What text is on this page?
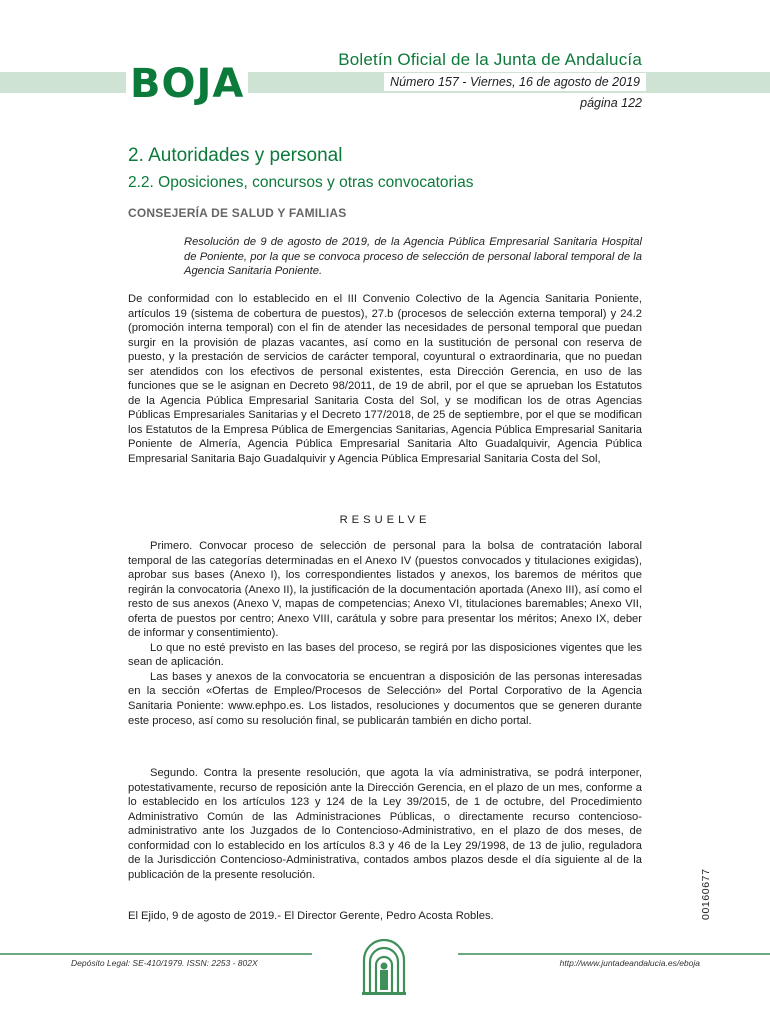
Boletín Oficial de la Junta de Andalucía
BOJA	Número 157 - Viernes, 16 de agosto de 2019
página 122
2. Autoridades y personal
2.2. Oposiciones, concursos y otras convocatorias
CONSEJERÍA DE SALUD Y FAMILIAS
Resolución de 9 de agosto de 2019, de la Agencia Pública Empresarial Sanitaria Hospital de Poniente, por la que se convoca proceso de selección de personal laboral temporal de la Agencia Sanitaria Poniente.

De conformidad con lo establecido en el III Convenio Colectivo de la Agencia Sanitaria Poniente, artículos 19 (sistema de cobertura de puestos), 27.b (procesos de selección externa temporal) y 24.2 (promoción interna temporal) con el fin de atender las necesidades de personal temporal que puedan surgir en la provisión de plazas vacantes, así como en la sustitución de personal con reserva de puesto, y la prestación de servicios de carácter temporal, coyuntural o extraordinaria, que no puedan ser atendidos con los efectivos de personal existentes, esta Dirección Gerencia, en uso de las funciones que se le asignan en Decreto 98/2011, de 19 de abril, por el que se aprueban los Estatutos de la Agencia Pública Empresarial Sanitaria Costa del Sol, y se modifican los de otras Agencias Públicas Empresariales Sanitarias y el Decreto 177/2018, de 25 de septiembre, por el que se modifican los Estatutos de la Empresa Pública de Emergencias Sanitarias, Agencia Pública Empresarial Sanitaria Poniente de Almería, Agencia Pública Empresarial Sanitaria Alto Guadalquivir, Agencia Pública Empresarial Sanitaria Bajo Guadalquivir y Agencia Pública Empresarial Sanitaria Costa del Sol,

RESUELVE

Primero. Convocar proceso de selección de personal para la bolsa de contratación laboral temporal de las categorías determinadas en el Anexo IV (puestos convocados y titulaciones exigidas), aprobar sus bases (Anexo I), los correspondientes listados y anexos, los baremos de méritos que regirán la convocatoria (Anexo II), la justificación de la documentación aportada (Anexo III), así como el resto de sus anexos (Anexo V, mapas de competencias; Anexo VI, titulaciones baremables; Anexo VII, oferta de puestos por centro; Anexo VIII, carátula y sobre para presentar los méritos; Anexo IX, deber de informar y consentimiento).

Lo que no esté previsto en las bases del proceso, se regirá por las disposiciones vigentes que les sean de aplicación.

Las bases y anexos de la convocatoria se encuentran a disposición de las personas interesadas en la sección «Ofertas de Empleo/Procesos de Selección» del Portal Corporativo de la Agencia Sanitaria Poniente: www.ephpo.es. Los listados, resoluciones y documentos que se generen durante este proceso, así como su resolución final, se publicarán también en dicho portal.

Segundo. Contra la presente resolución, que agota la vía administrativa, se podrá interponer, potestativamente, recurso de reposición ante la Dirección Gerencia, en el plazo de un mes, conforme a lo establecido en los artículos 123 y 124 de la Ley 39/2015, de 1 de octubre, del Procedimiento Administrativo Común de las Administraciones Públicas, o directamente recurso contencioso-administrativo ante los Juzgados de lo Contencioso-Administrativo, en el plazo de dos meses, de conformidad con lo establecido en los artículos 8.3 y 46 de la Ley 29/1998, de 13 de julio, reguladora de la Jurisdicción Contencioso-Administrativa, contados ambos plazos desde el día siguiente al de la publicación de la presente resolución.

El Ejido, 9 de agosto de 2019.- El Director Gerente, Pedro Acosta Robles.	00160677
Depósito Legal: SE-410/1979. ISSN: 2253 - 802X	http://www.juntadeandalucia.es/eboja
